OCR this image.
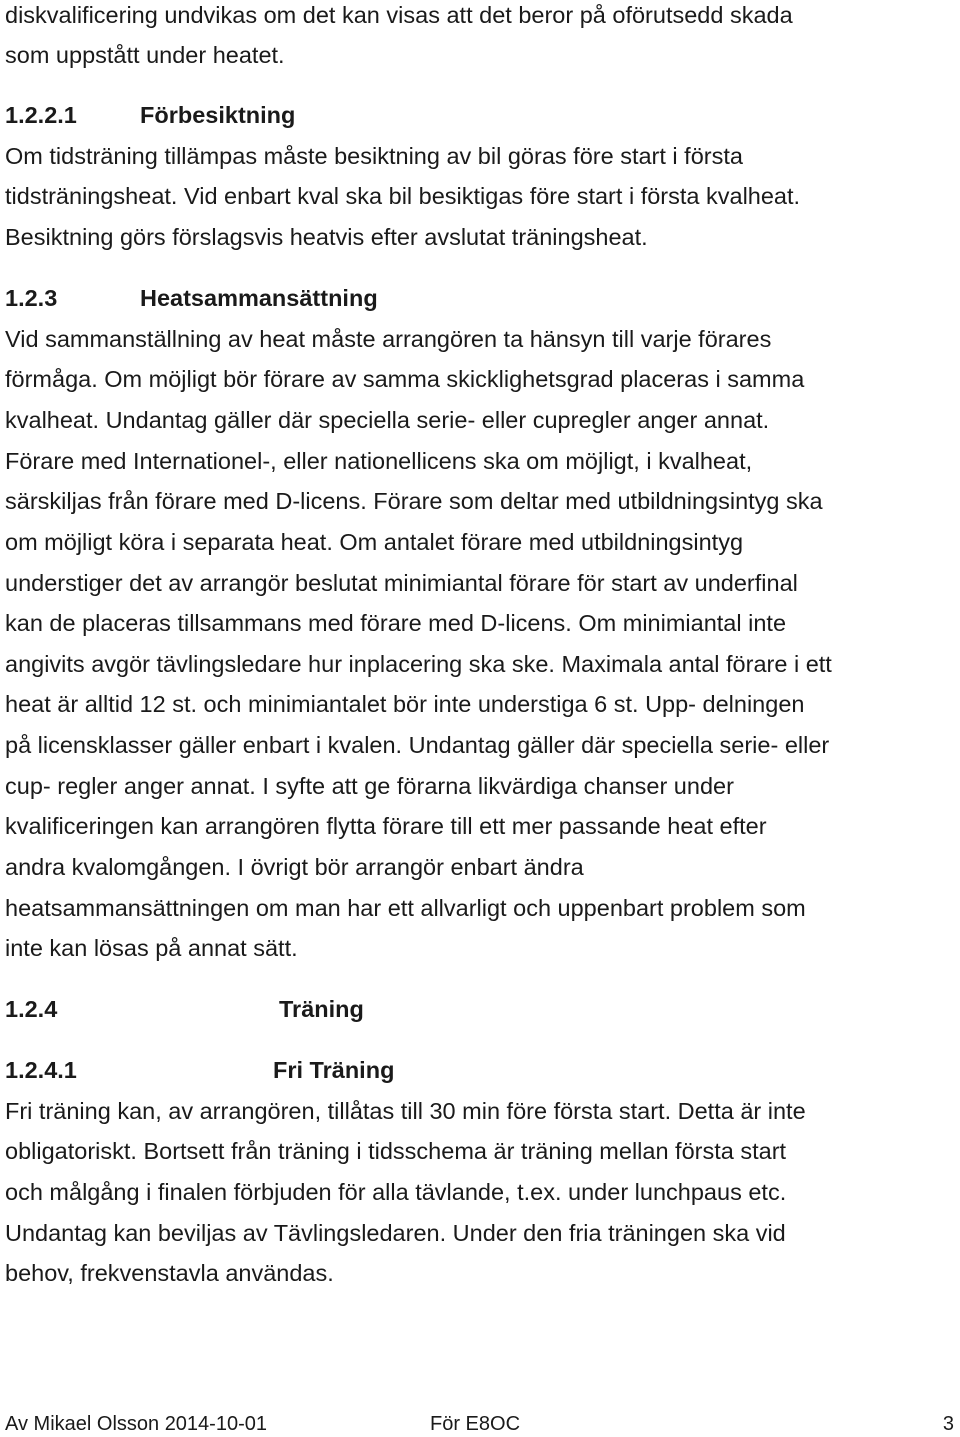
diskvalificering undvikas om det kan visas att det beror på oförutsedd skada
som uppstått under heatet.
1.2.2.1	Förbesiktning
Om tidsträning tillämpas måste besiktning av bil göras före start i första
tidsträningsheat. Vid enbart kval ska bil besiktigas före start i första kvalheat.
Besiktning görs förslagsvis heatvis efter avslutat träningsheat.
1.2.3	Heatsammansättning
Vid sammanställning av heat måste arrangören ta hänsyn till varje förares
förmåga. Om möjligt bör förare av samma skicklighetsgrad placeras i samma
kvalheat. Undantag gäller där speciella serie- eller cupregler anger annat.
Förare med Internationel-, eller nationellicens ska om möjligt, i kvalheat,
särskiljas från förare med D-licens. Förare som deltar med utbildningsintyg ska
om möjligt köra i separata heat. Om antalet förare med utbildningsintyg
understiger det av arrangör beslutat minimiantal förare för start av underfinal
kan de placeras tillsammans med förare med D-licens. Om minimiantal inte
angivits avgör tävlingsledare hur inplacering ska ske. Maximala antal förare i ett
heat är alltid 12 st. och minimiantalet bör inte understiga 6 st. Upp- delningen
på licensklasser gäller enbart i kvalen. Undantag gäller där speciella serie- eller
cup- regler anger annat. I syfte att ge förarna likvärdiga chanser under
kvalificeringen kan arrangören flytta förare till ett mer passande heat efter
andra kvalomgången. I övrigt bör arrangör enbart ändra
heatsammansättningen om man har ett allvarligt och uppenbart problem som
inte kan lösas på annat sätt.
1.2.4	Träning
1.2.4.1	Fri Träning
Fri träning kan, av arrangören, tillåtas till 30 min före första start. Detta är inte
obligatoriskt. Bortsett från träning i tidsschema är träning mellan första start
och målgång i finalen förbjuden för alla tävlande, t.ex. under lunchpaus etc.
Undantag kan beviljas av Tävlingsledaren. Under den fria träningen ska vid
behov, frekvenstavla användas.
Av Mikael Olsson 2014-10-01	För E8OC	3
